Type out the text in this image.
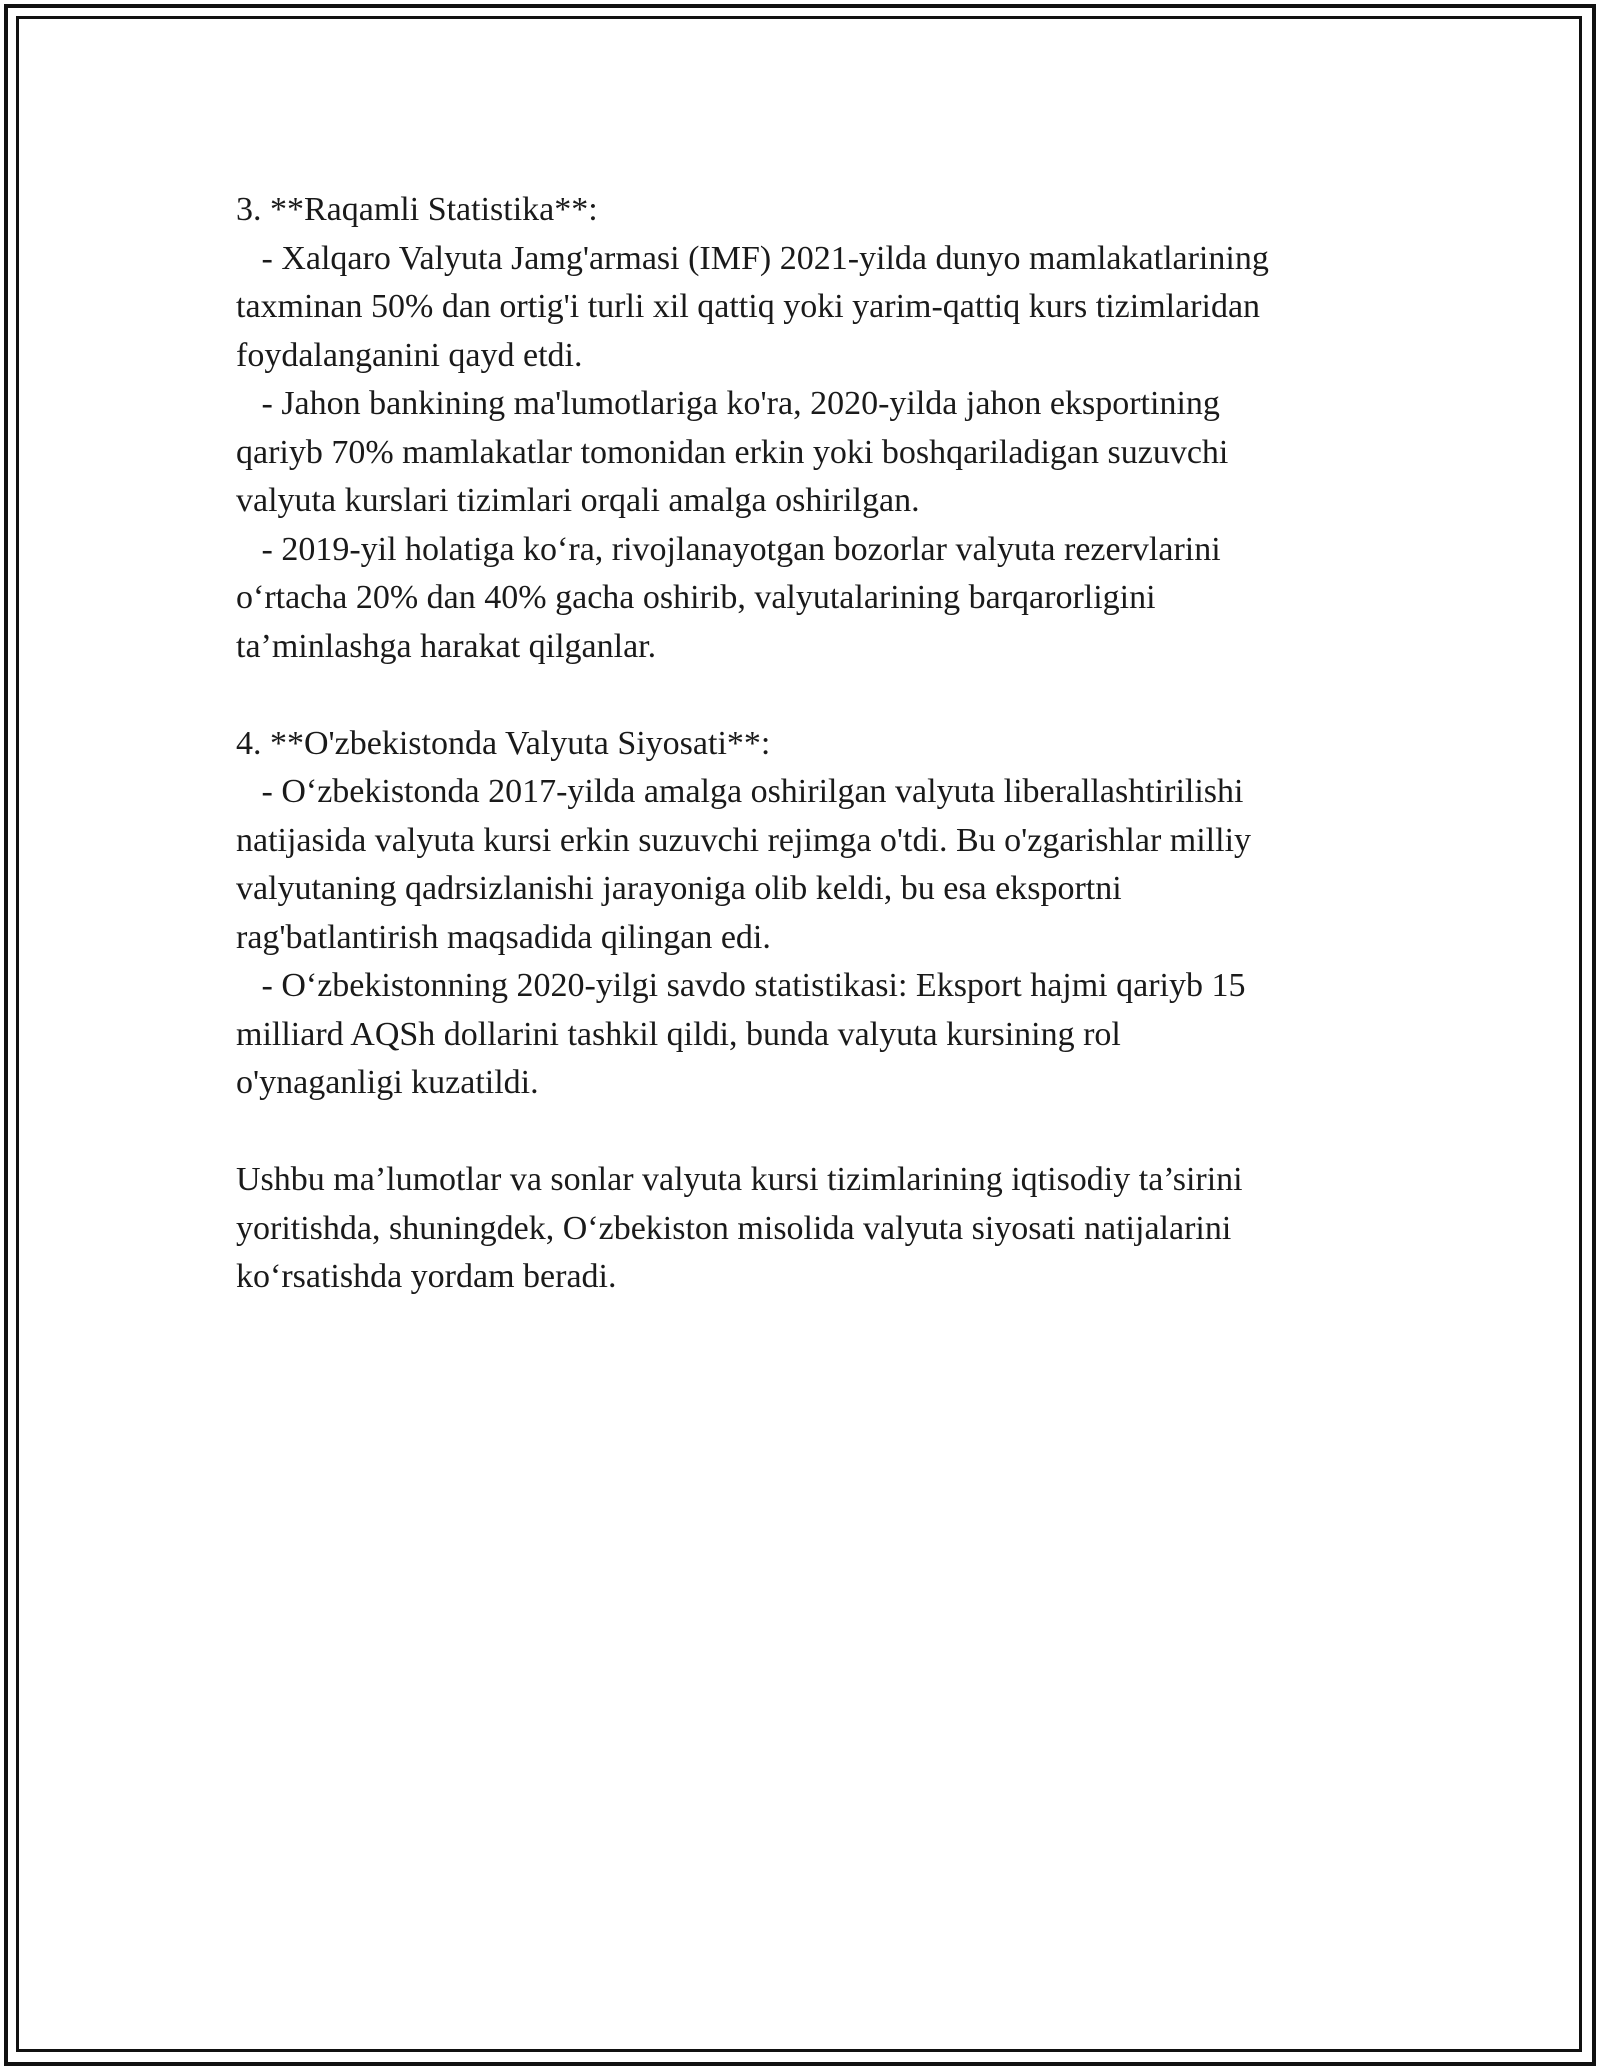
3. **Raqamli Statistika**:
- Xalqaro Valyuta Jamg'armasi (IMF) 2021-yilda dunyo mamlakatlarining
taxminan 50% dan ortig'i turli xil qattiq yoki yarim-qattiq kurs tizimlaridan
foydalanganini qayd etdi.
- Jahon bankining ma'lumotlariga ko'ra, 2020-yilda jahon eksportining
qariyb 70% mamlakatlar tomonidan erkin yoki boshqariladigan suzuvchi
valyuta kurslari tizimlari orqali amalga oshirilgan.
- 2019-yil holatiga ko‘ra, rivojlanayotgan bozorlar valyuta rezervlarini
o‘rtacha 20% dan 40% gacha oshirib, valyutalarining barqarorligini
ta’minlashga harakat qilganlar.
4. **O'zbekistonda Valyuta Siyosati**:
- O‘zbekistonda 2017-yilda amalga oshirilgan valyuta liberallashtirilishi
natijasida valyuta kursi erkin suzuvchi rejimga o'tdi. Bu o'zgarishlar milliy
valyutaning qadrsizlanishi jarayoniga olib keldi, bu esa eksportni
rag'batlantirish maqsadida qilingan edi.
- O‘zbekistonning 2020-yilgi savdo statistikasi: Eksport hajmi qariyb 15
milliard AQSh dollarini tashkil qildi, bunda valyuta kursining rol
o'ynaganligi kuzatildi.
Ushbu ma’lumotlar va sonlar valyuta kursi tizimlarining iqtisodiy ta’sirini
yoritishda, shuningdek, O‘zbekiston misolida valyuta siyosati natijalarini
ko‘rsatishda yordam beradi.
